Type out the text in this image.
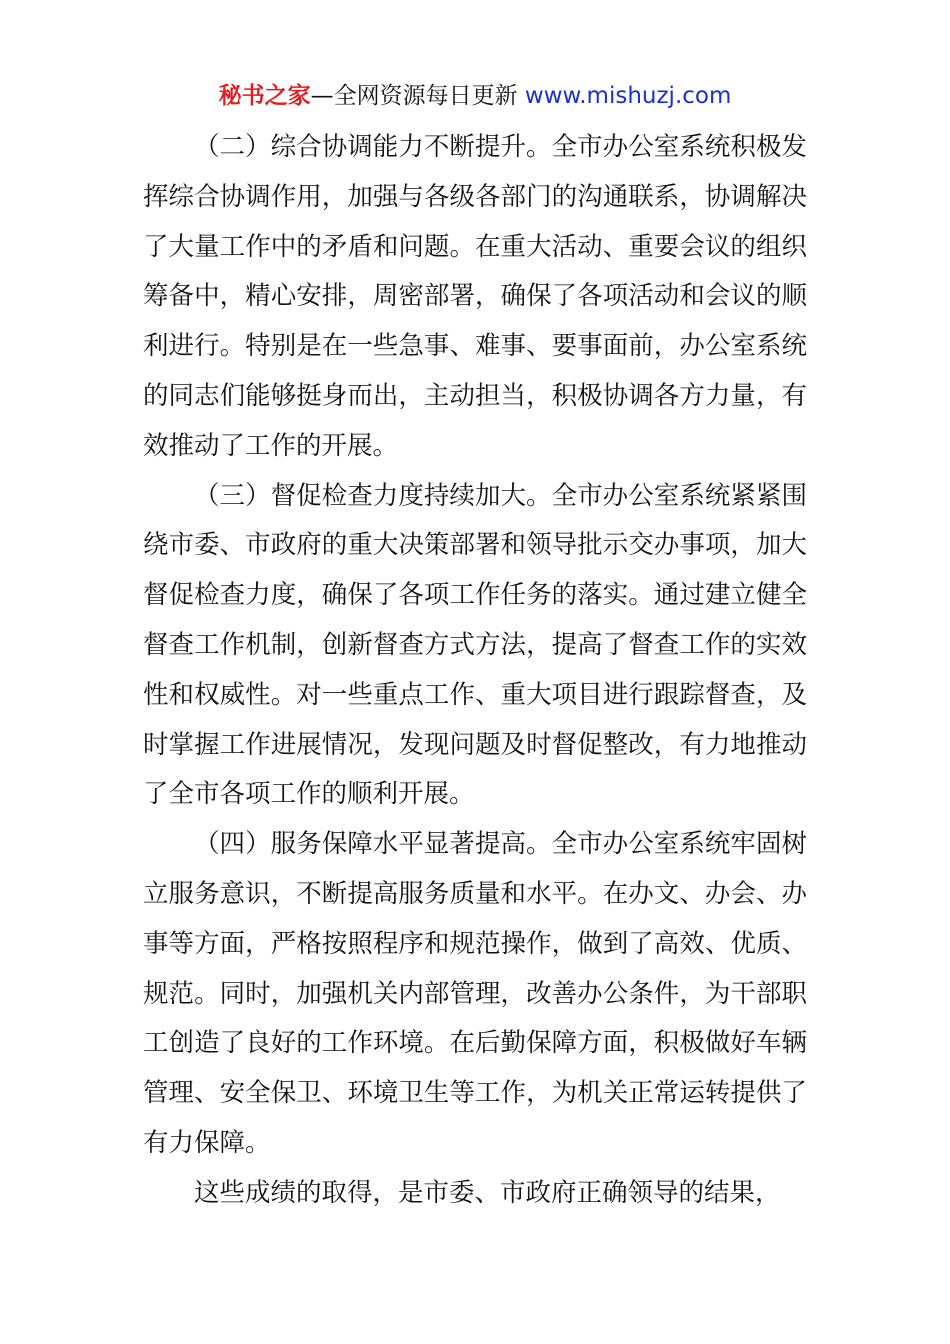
秘书之家—全网资源每日更新 www.mishuzj.com

（二）综合协调能力不断提升。全市办公室系统积极发挥综合协调作用，加强与各级各部门的沟通联系，协调解决了大量工作中的矛盾和问题。在重大活动、重要会议的组织筹备中，精心安排，周密部署，确保了各项活动和会议的顺利进行。特别是在一些急事、难事、要事面前，办公室系统的同志们能够挺身而出，主动担当，积极协调各方力量，有效推动了工作的开展。

（三）督促检查力度持续加大。全市办公室系统紧紧围绕市委、市政府的重大决策部署和领导批示交办事项，加大督促检查力度，确保了各项工作任务的落实。通过建立健全督查工作机制，创新督查方式方法，提高了督查工作的实效性和权威性。对一些重点工作、重大项目进行跟踪督查，及时掌握工作进展情况，发现问题及时督促整改，有力地推动了全市各项工作的顺利开展。

（四）服务保障水平显著提高。全市办公室系统牢固树立服务意识，不断提高服务质量和水平。在办文、办会、办事等方面，严格按照程序和规范操作，做到了高效、优质、规范。同时，加强机关内部管理，改善办公条件，为干部职工创造了良好的工作环境。在后勤保障方面，积极做好车辆管理、安全保卫、环境卫生等工作，为机关正常运转提供了有力保障。

这些成绩的取得，是市委、市政府正确领导的结果，
